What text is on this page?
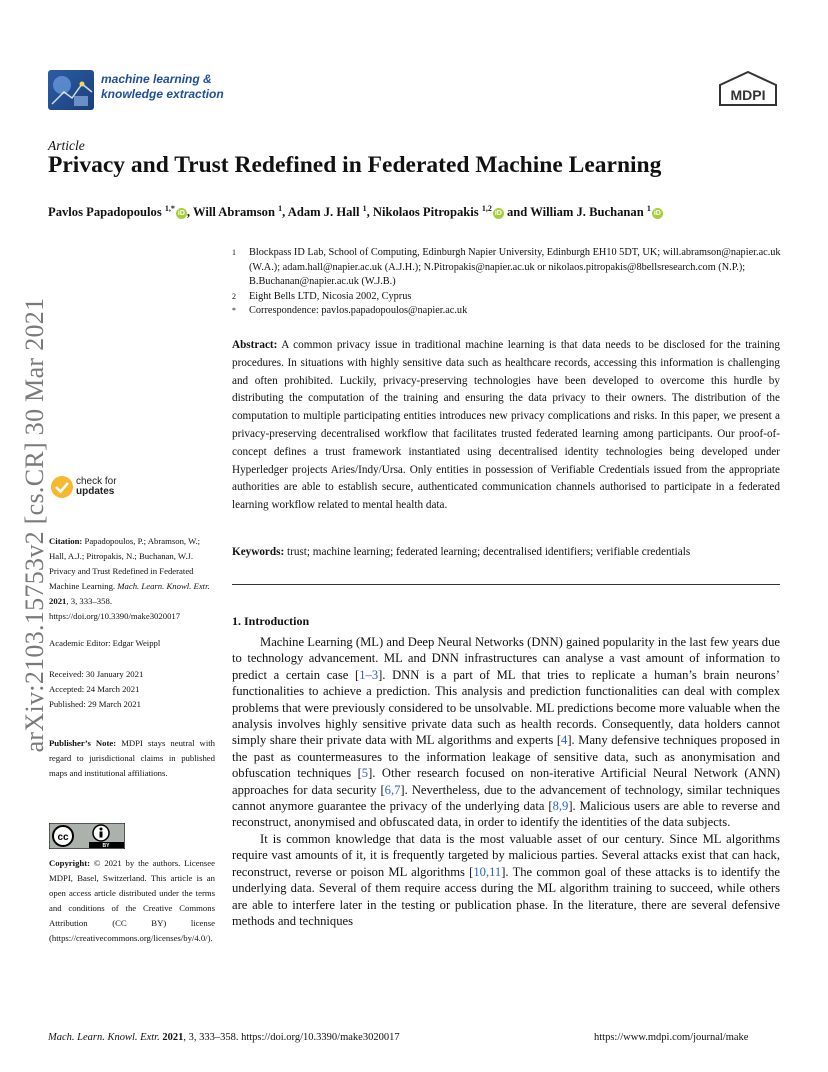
machine learning &
knowledge extraction	MDPI
arXiv:2103.15753v2 [cs.CR] 30 Mar 2021
Article
Privacy and Trust Redefined in Federated Machine Learning
Pavlos Papadopoulos $^{1,*}$iD , Will Abramson $^1$, Adam J. Hall $^1$, Nikolaos Pitropakis $^{1,2}$iD and William J. Buchanan $^1$iD
1	Blockpass ID Lab, School of Computing, Edinburgh Napier University, Edinburgh EH10 5DT, UK; will.abramson@napier.ac.uk (W.A.); adam.hall@napier.ac.uk (A.J.H.); N.Pitropakis@napier.ac.uk or nikolaos.pitropakis@8bellsresearch.com (N.P.); B.Buchanan@napier.ac.uk (W.J.B.)
2	Eight Bells LTD, Nicosia 2002, Cyprus
*	Correspondence: pavlos.papadopoulos@napier.ac.uk
Abstract: A common privacy issue in traditional machine learning is that data needs to be disclosed for the training procedures. In situations with highly sensitive data such as healthcare records, accessing this information is challenging and often prohibited. Luckily, privacy-preserving technologies have been developed to overcome this hurdle by distributing the computation of the training and ensuring the data privacy to their owners. The distribution of the computation to multiple participating entities introduces new privacy complications and risks. In this paper, we present a privacy-preserving decentralised workflow that facilitates trusted federated learning among participants. Our proof-of-concept defines a trust framework instantiated using decentralised identity technologies being developed under Hyperledger projects Aries/Indy/Ursa. Only entities in possession of Verifiable Credentials issued from the appropriate authorities are able to establish secure, authenticated communication channels authorised to participate in a federated learning workflow related to mental health data.
Keywords: trust; machine learning; federated learning; decentralised identifiers; verifiable credentials
1. Introduction

Machine Learning (ML) and Deep Neural Networks (DNN) gained popularity in the last few years due to technology advancement. ML and DNN infrastructures can analyse a vast amount of information to predict a certain case [1–3]. DNN is a part of ML that tries to replicate a human’s brain neurons’ functionalities to achieve a prediction. This analysis and prediction functionalities can deal with complex problems that were previously considered to be unsolvable. ML predictions become more valuable when the analysis involves highly sensitive private data such as health records. Consequently, data holders cannot simply share their private data with ML algorithms and experts [4]. Many defensive techniques proposed in the past as countermeasures to the information leakage of sensitive data, such as anonymisation and obfuscation techniques [5]. Other research focused on non-iterative Artificial Neural Network (ANN) approaches for data security [6,7]. Nevertheless, due to the advancement of technology, similar techniques cannot anymore guarantee the privacy of the underlying data [8,9]. Malicious users are able to reverse and reconstruct, anonymised and obfuscated data, in order to identify the identities of the data subjects.

It is common knowledge that data is the most valuable asset of our century. Since ML algorithms require vast amounts of it, it is frequently targeted by malicious parties. Several attacks exist that can hack, reconstruct, reverse or poison ML algorithms [10,11]. The common goal of these attacks is to identify the underlying data. Several of them require access during the ML algorithm training to succeed, while others are able to interfere later in the testing or publication phase. In the literature, there are several defensive methods and techniques

check for
updates
Citation: Papadopoulos, P.; Abramson, W.; Hall, A.J.; Pitropakis, N.; Buchanan, W.J. Privacy and Trust Redefined in Federated Machine Learning. Mach. Learn. Knowl. Extr. 2021, 3, 333–358. https://doi.org/10.3390/make3020017
Academic Editor: Edgar Weippl
Received: 30 January 2021
Accepted: 24 March 2021
Published: 29 March 2021
Publisher’s Note: MDPI stays neutral with regard to jurisdictional claims in published maps and institutional affiliations.
cc
BY
Copyright: © 2021 by the authors. Licensee MDPI, Basel, Switzerland. This article is an open access article distributed under the terms and conditions of the Creative Commons Attribution (CC BY) license (https://creativecommons.org/licenses/by/4.0/).
Mach. Learn. Knowl. Extr. 2021, 3, 333–358. https://doi.org/10.3390/make3020017	https://www.mdpi.com/journal/make
